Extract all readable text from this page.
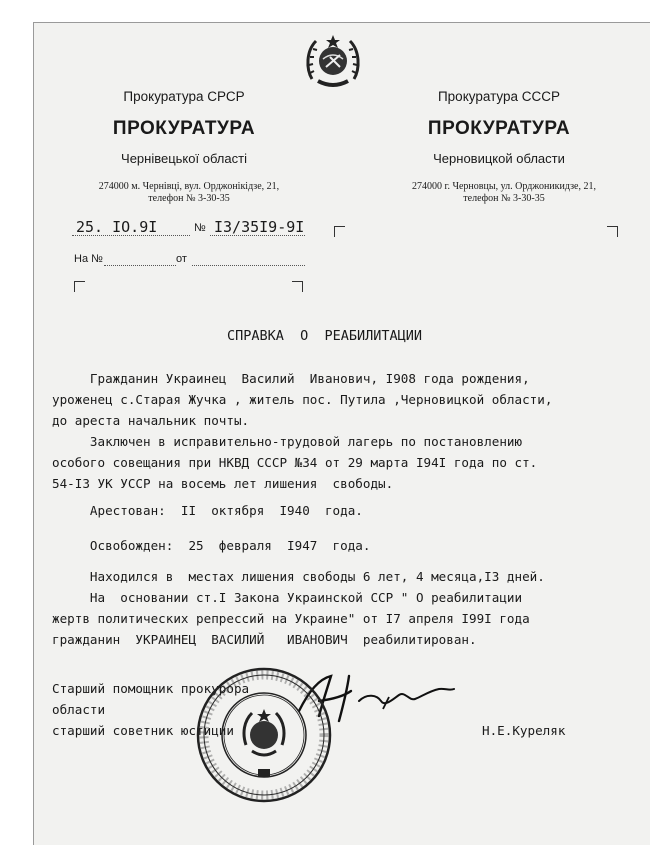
Прокуратура СРСР
ПРОКУРАТУРА
Чернівецької області
274000 м. Чернівці, вул. Орджонікідзе, 21,
телефон № 3-30-35
Прокуратура СССР
ПРОКУРАТУРА
Черновицкой области
274000 г. Черновцы, ул. Орджоникидзе, 21,
телефон № 3-30-35
25. IO.9I	№ I3/35I9-9I
На №	от
СПРАВКА  О  РЕАБИЛИТАЦИИ
Гражданин Украинец  Василий  Иванович, I908 года рождения,
уроженец с.Старая Жучка , житель пос. Путила ,Черновицкой области,
до ареста начальник почты.
Заключен в исправительно-трудовой лагерь по постановлению
особого совещания при НКВД СССР №34 от 29 марта I94I года по ст.
54-I3 УК УССР на восемь лет лишения  свободы.
Арестован:  II  октября  I940  года.
Освобожден:  25  февраля  I947  года.
Находился в  местах лишения свободы 6 лет, 4 месяца,I3 дней.
На  основании ст.I Закона Украинской ССР " О реабилитации
жертв политических репрессий на Украине" от I7 апреля I99I года
гражданин  УКРАИНЕЦ  ВАСИЛИЙ   ИВАНОВИЧ  реабилитирован.
Старший помощник прокурора
области
старший советник юстиции	Н.Е.Куреляк
